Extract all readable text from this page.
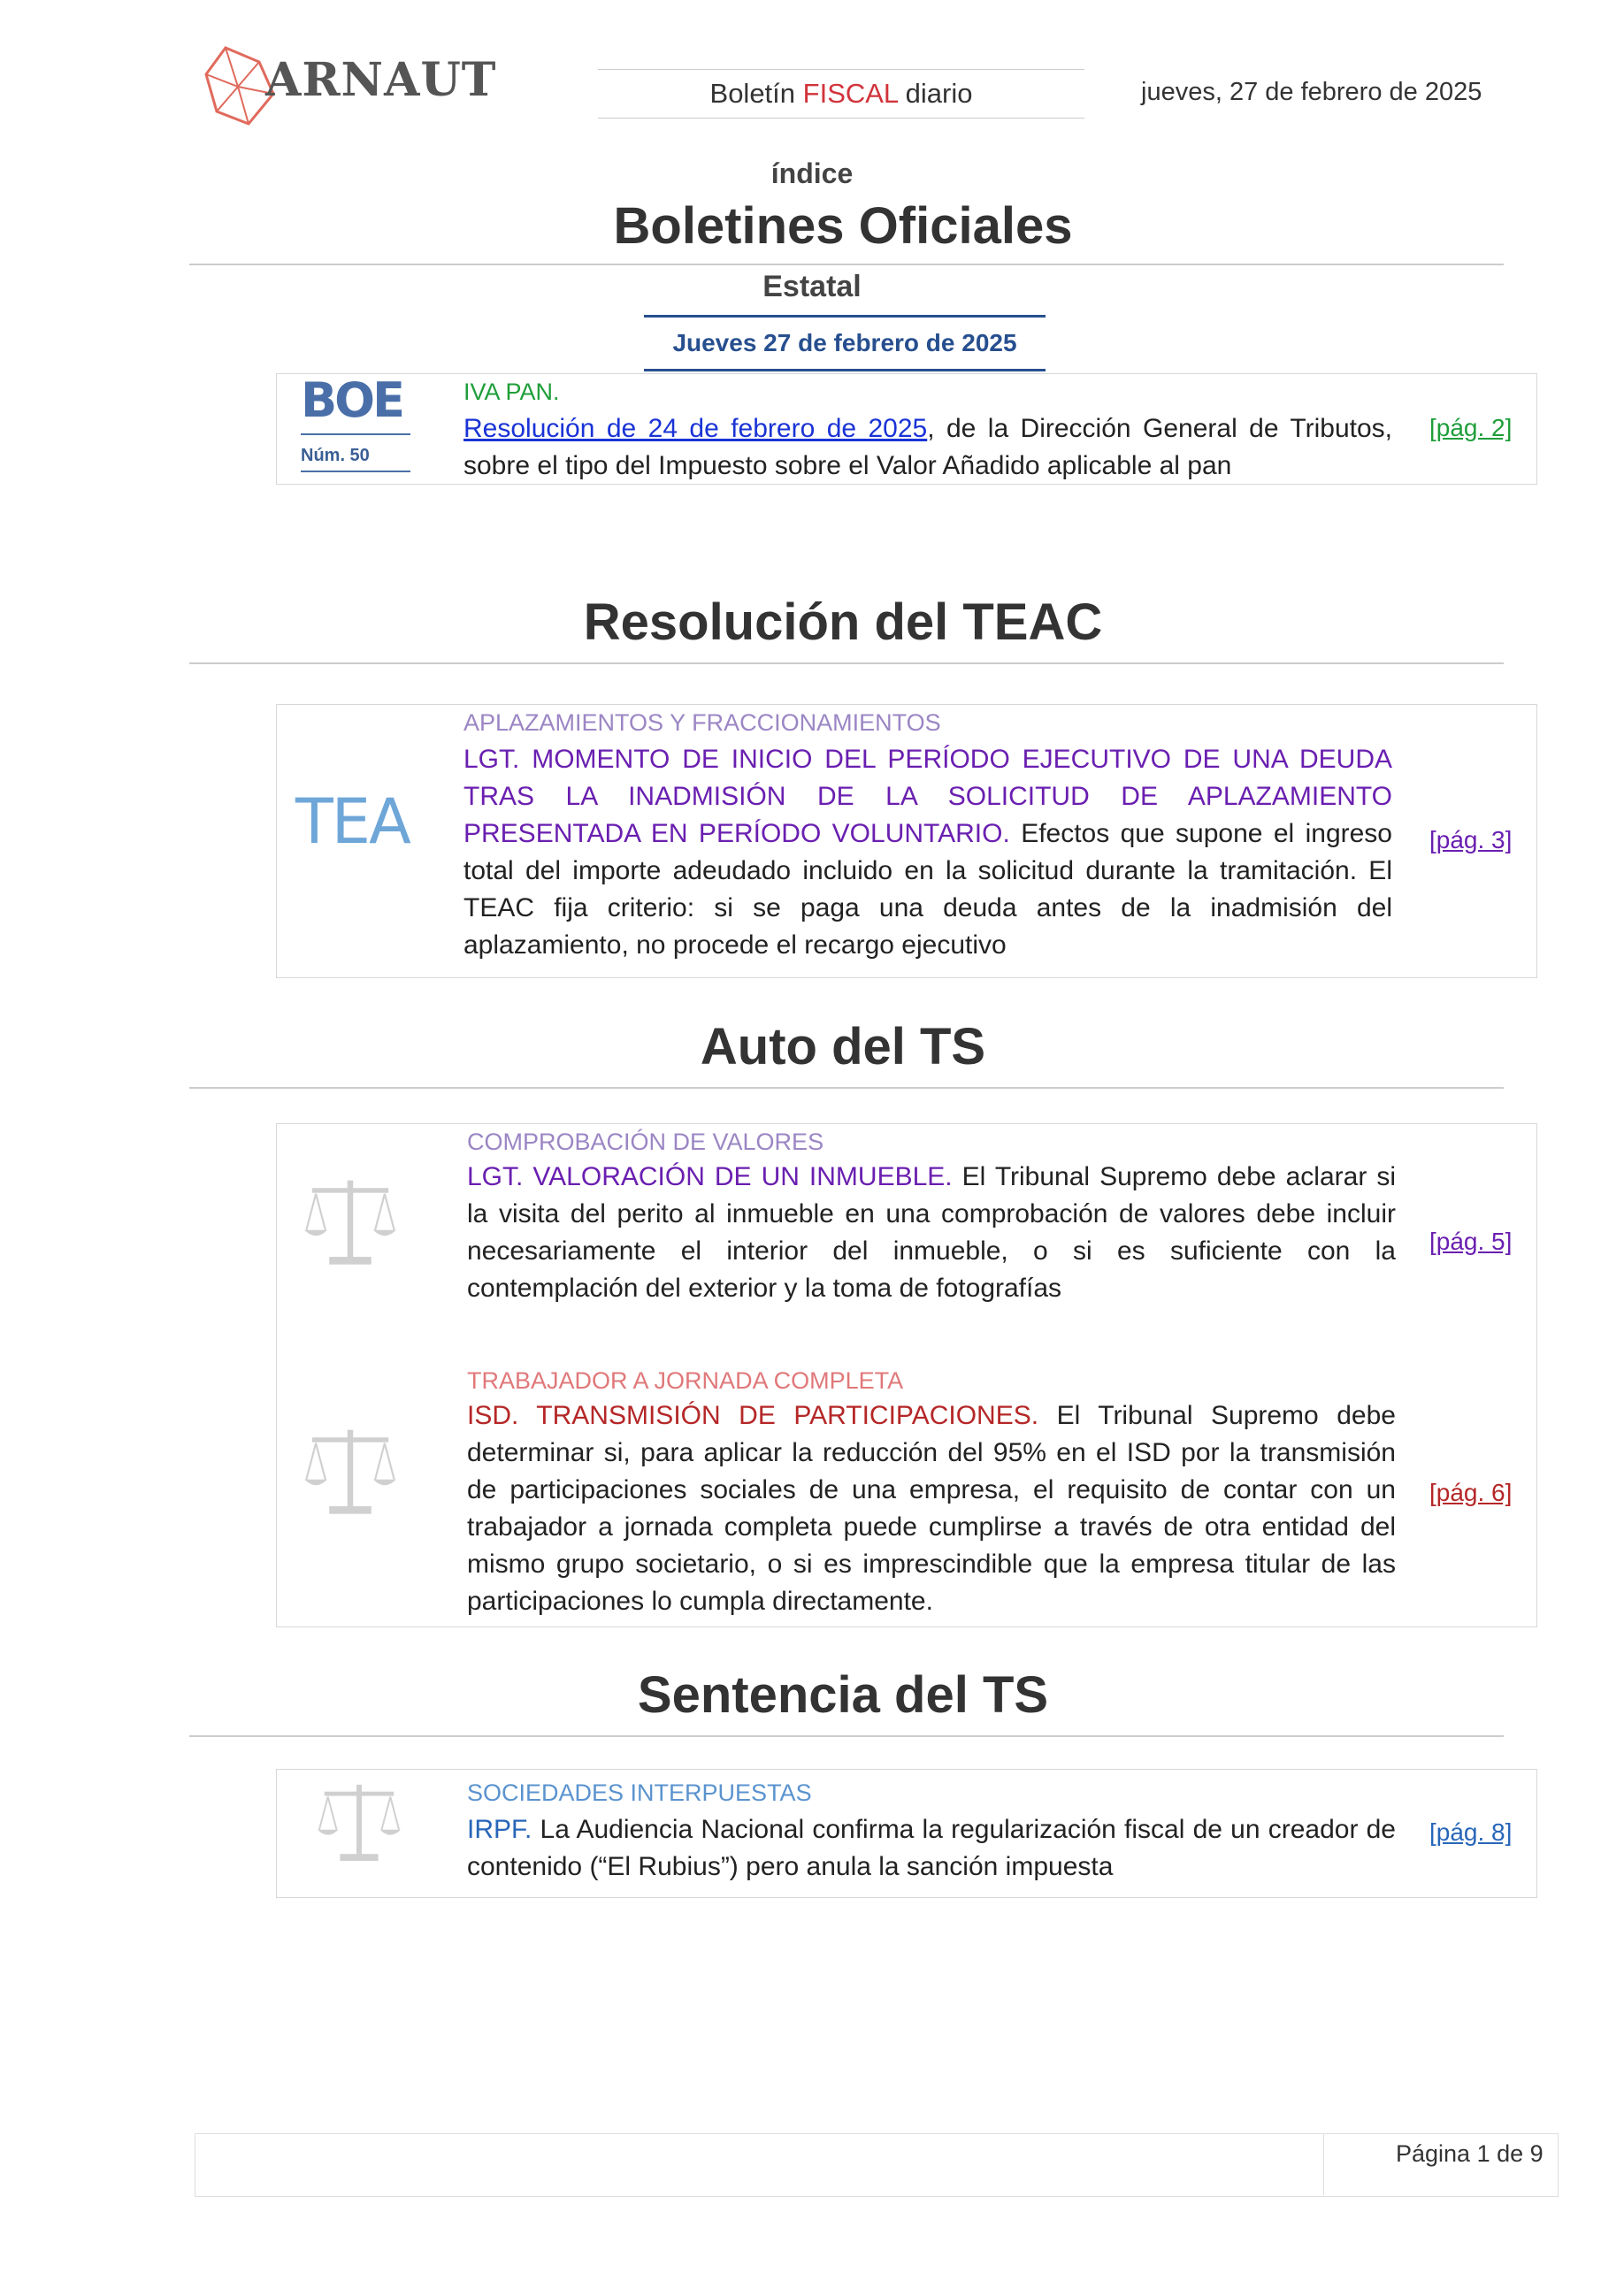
ARNAUT	Boletín FISCAL diario	jueves, 27 de febrero de 2025
índice
Boletines Oficiales
Estatal
Jueves 27 de febrero de 2025
BOE
Núm. 50
IVA PAN.
Resolución de 24 de febrero de 2025, de la Dirección General de Tributos, sobre el tipo del Impuesto sobre el Valor Añadido aplicable al pan
[pág. 2]
Resolución del TEAC
TEA
APLAZAMIENTOS Y FRACCIONAMIENTOS
LGT. MOMENTO DE INICIO DEL PERÍODO EJECUTIVO DE UNA DEUDA TRAS LA INADMISIÓN DE LA SOLICITUD DE APLAZAMIENTO PRESENTADA EN PERÍODO VOLUNTARIO. Efectos que supone el ingreso total del importe adeudado incluido en la solicitud durante la tramitación. El TEAC fija criterio: si se paga una deuda antes de la inadmisión del aplazamiento, no procede el recargo ejecutivo
[pág. 3]
Auto del TS
COMPROBACIÓN DE VALORES
LGT. VALORACIÓN DE UN INMUEBLE. El Tribunal Supremo debe aclarar si la visita del perito al inmueble en una comprobación de valores debe incluir necesariamente el interior del inmueble, o si es suficiente con la contemplación del exterior y la toma de fotografías
[pág. 5]
TRABAJADOR A JORNADA COMPLETA
ISD. TRANSMISIÓN DE PARTICIPACIONES. El Tribunal Supremo debe determinar si, para aplicar la reducción del 95% en el ISD por la transmisión de participaciones sociales de una empresa, el requisito de contar con un trabajador a jornada completa puede cumplirse a través de otra entidad del mismo grupo societario, o si es imprescindible que la empresa titular de las participaciones lo cumpla directamente.
[pág. 6]
Sentencia del TS
SOCIEDADES INTERPUESTAS
IRPF. La Audiencia Nacional confirma la regularización fiscal de un creador de contenido (“El Rubius”) pero anula la sanción impuesta
[pág. 8]
Página 1 de 9
